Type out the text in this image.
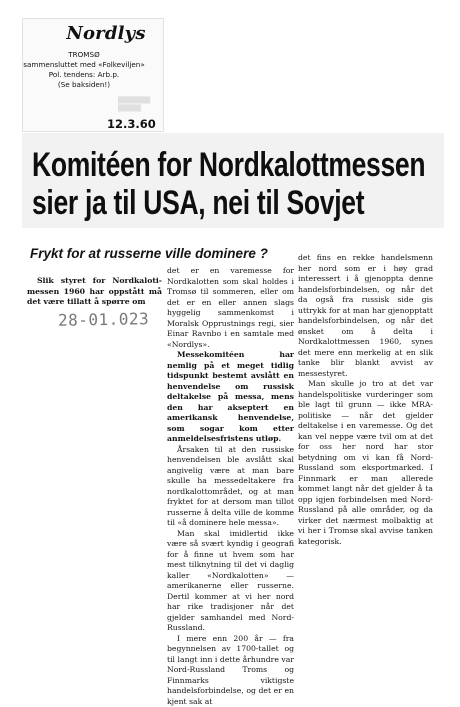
Nordlys
TROMSØ
sammensluttet med «Folkeviljen»
Pol. tendens: Arb.p.
(Se baksiden!)
▒▒▒▒▒▒▒
▒▒▒▒▒
12.3.60
Komitéen for Nordkalottmessen
sier ja til USA, nei til Sovjet

Frykt for at russerne ville dominere ?

Slik styret for Nordkaloti-messen 1960 har oppstått må det være tillatt å spørre om

28-01.023

det er en varemesse for Nordkalotten som skal holdes i Tromsø til sommeren, eller om det er en eller annen slags hyggelig sammenkomst i Moralsk Opprustnings regi, sier Einar Ravnbo i en samtale med «Nordlys».

Messekomitéen har nemlig på et meget tidlig tidspunkt bestemt avslått en henvendelse om russisk deltakelse på messa, mens den har akseptert en amerikansk henvendelse, som sogar kom etter anmeldelsesfristens utløp.

Årsaken til at den russiske henvendelsen ble avslått skal angivelig være at man bare skulle ha messedeltakere fra nordkalottområdet, og at man fryktet for at dersom man tillot russerne å delta ville de komme til «å dominere hele messa».

Man skal imidlertid ikke være så svært kyndig i geografi for å finne ut hvem som har mest tilknytning til det vi daglig kaller «Nordkalotten» — amerikanerne eller russerne. Dertil kommer at vi her nord har rike tradisjoner når det gjelder samhandel med Nord-Russland.

I mere enn 200 år — fra begynnelsen av 1700-tallet og til langt inn i dette århundre var Nord-Russland Troms og Finnmarks viktigste handelsforbindelse, og det er en kjent sak at

det fins en rekke handelsmenn her nord som er i høy grad interessert i å gjenoppta denne handelsforbindelsen, og når det da også fra russisk side gis uttrykk for at man har gjenopptatt handelsforbindelsen, og når det ønsket om å delta i Nordkalottmessen 1960, synes det mere enn merkelig at en slik tanke blir blankt avvist av messestyret.

Man skulle jo tro at det var handelspolitiske vurderinger som ble lagt til grunn — ikke MRA-politiske — når det gjelder deltakelse i en varemesse. Og det kan vel neppe være tvil om at det for oss her nord har stor betydning om vi kan få Nord-Russland som eksportmarked. I Finnmark er man allerede kommet langt når det gjelder å ta opp igjen forbindelsen med Nord-Russland på alle områder, og da virker det nærmest molbaktig at vi her i Tromsø skal avvise tanken kategorisk.
